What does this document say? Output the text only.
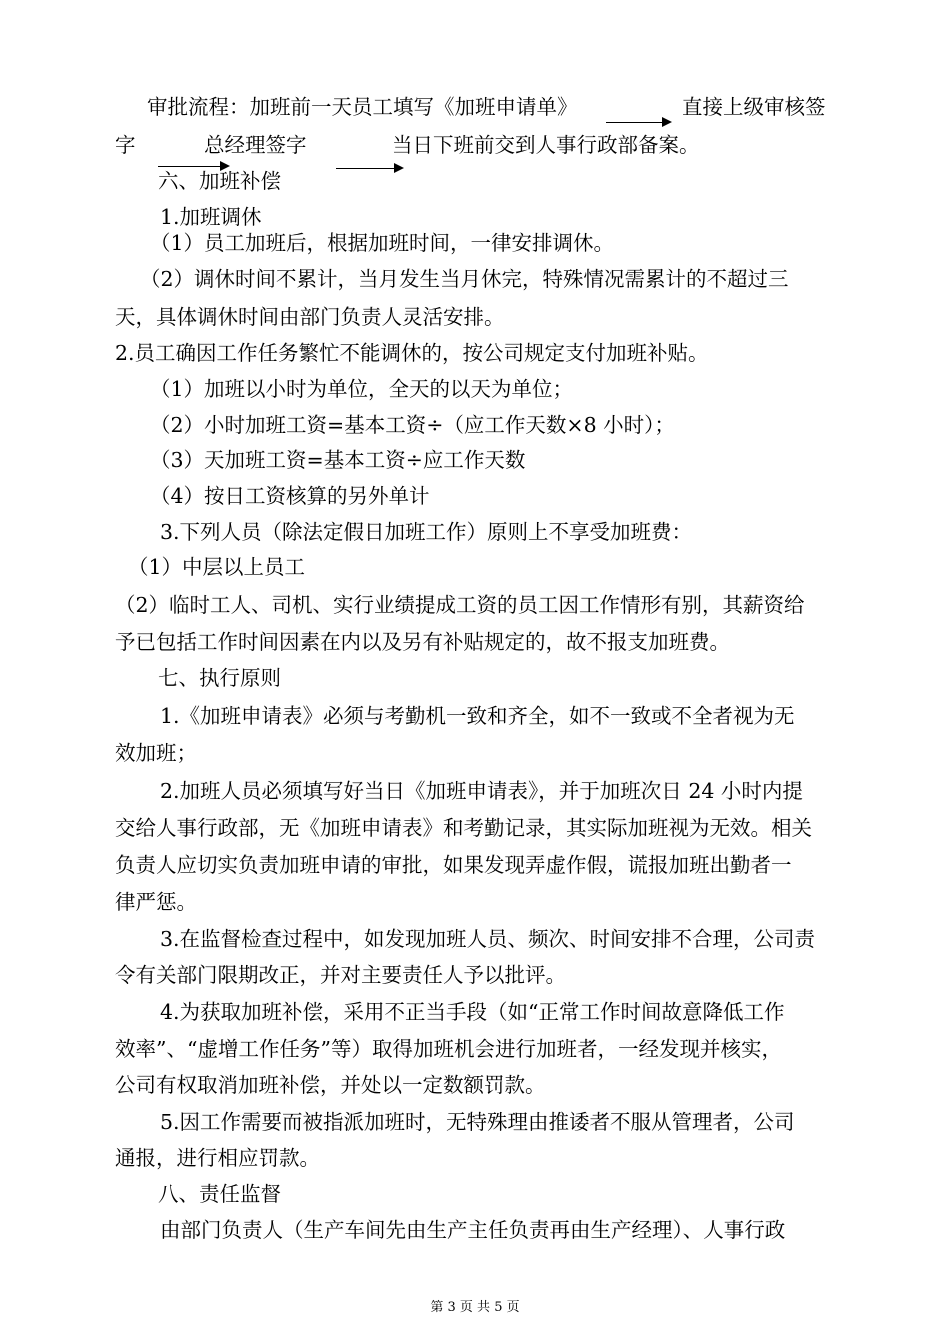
审批流程：加班前一天员工填写《加班申请单》	直接上级审核签
字	总经理签字	当日下班前交到人事行政部备案。
六、加班补偿
1.加班调休
（1）员工加班后，根据加班时间，一律安排调休。
（2）调休时间不累计，当月发生当月休完，特殊情况需累计的不超过三
天，具体调休时间由部门负责人灵活安排。
2.员工确因工作任务繁忙不能调休的，按公司规定支付加班补贴。
（1）加班以小时为单位，全天的以天为单位；
（2）小时加班工资=基本工资÷（应工作天数×8 小时）；
（3）天加班工资=基本工资÷应工作天数
（4）按日工资核算的另外单计
3.下列人员（除法定假日加班工作）原则上不享受加班费：
（1）中层以上员工
（2）临时工人、司机、实行业绩提成工资的员工因工作情形有别，其薪资给
予已包括工作时间因素在内以及另有补贴规定的，故不报支加班费。
七、执行原则
1.《加班申请表》必须与考勤机一致和齐全，如不一致或不全者视为无
效加班；
2.加班人员必须填写好当日《加班申请表》，并于加班次日 24 小时内提
交给人事行政部，无《加班申请表》和考勤记录，其实际加班视为无效。相关
负责人应切实负责加班申请的审批，如果发现弄虚作假，谎报加班出勤者一
律严惩。
3.在监督检查过程中，如发现加班人员、频次、时间安排不合理，公司责
令有关部门限期改正，并对主要责任人予以批评。
4.为获取加班补偿，采用不正当手段（如“正常工作时间故意降低工作
效率”、“虚增工作任务”等）取得加班机会进行加班者，一经发现并核实，
公司有权取消加班补偿，并处以一定数额罚款。
5.因工作需要而被指派加班时，无特殊理由推诿者不服从管理者，公司
通报，进行相应罚款。
八、责任监督
由部门负责人（生产车间先由生产主任负责再由生产经理）、人事行政
第 3 页 共 5 页
